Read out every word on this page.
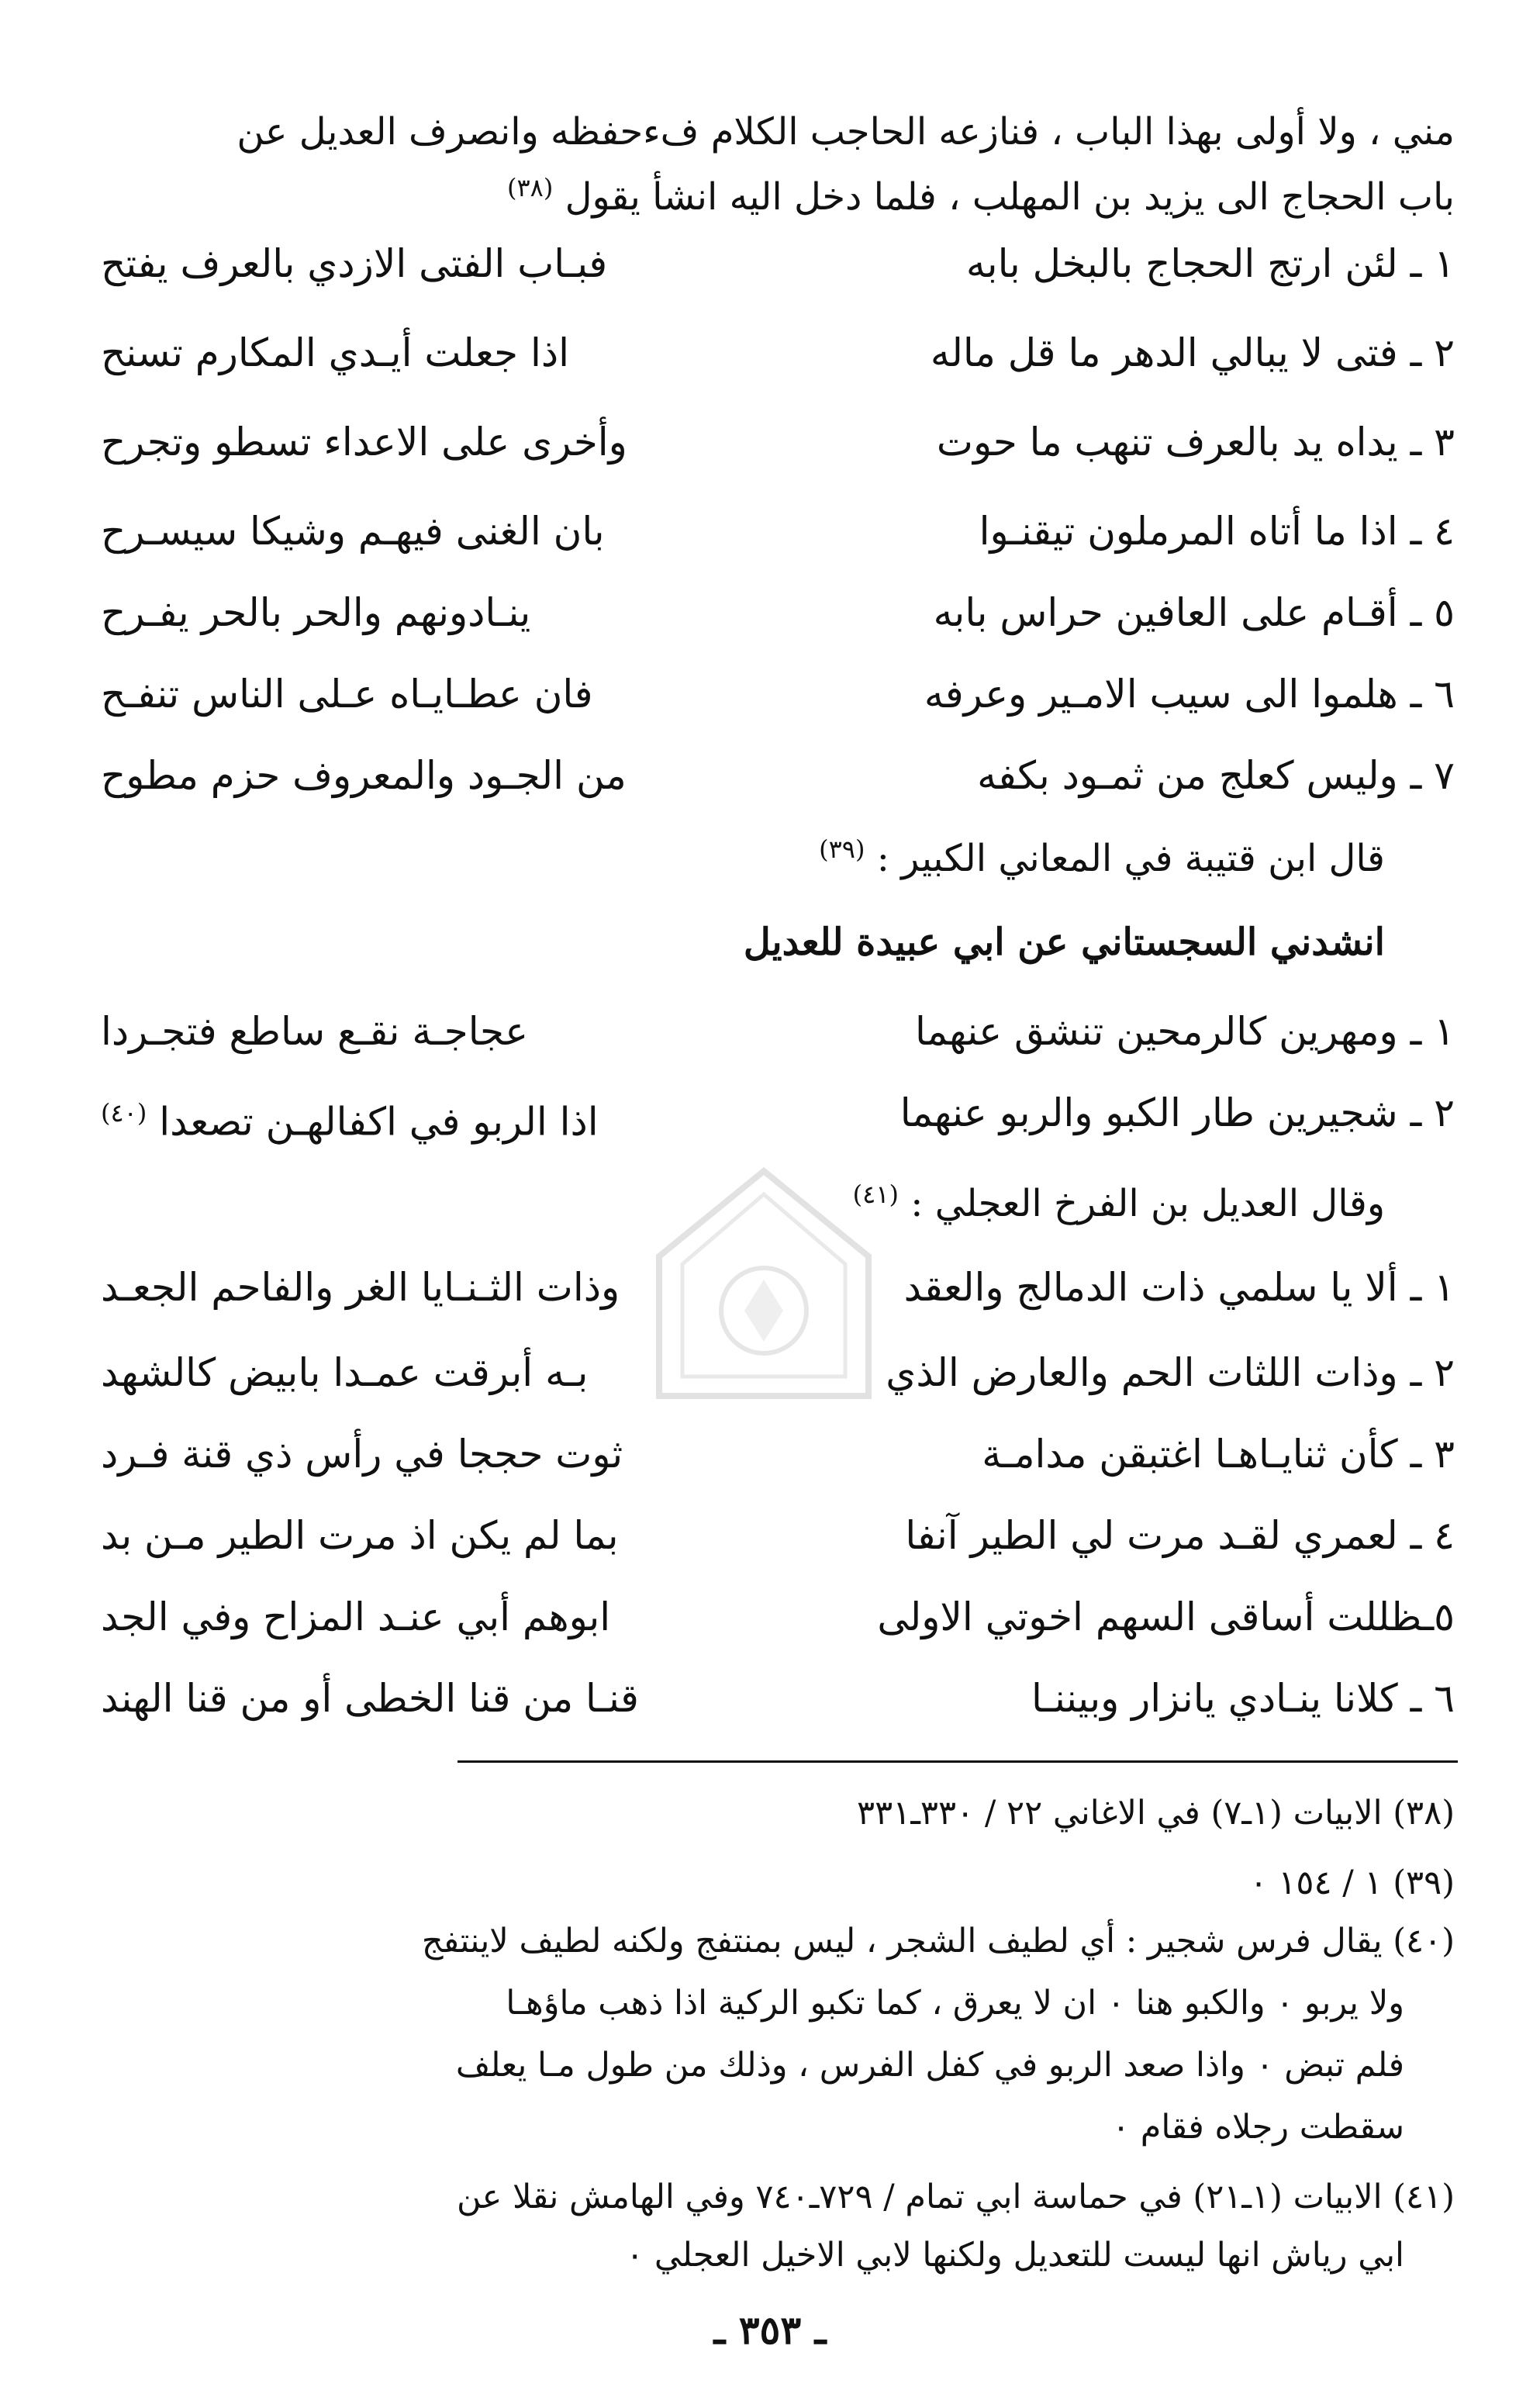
مني ، ولا أولى بهذا الباب ، فنازعه الحاجب الكلام فءحفظه وانصرف العديل عن
باب الحجاج الى يزيد بن المهلب ، فلما دخل اليه انشأ يقول $^{(٣٨)}$
١ ـ لئن ارتج الحجاج بالبخل بابه
فبـاب الفتى الازدي بالعرف يفتح
٢ ـ فتى لا يبالي الدهر ما قل ماله
اذا جعلت أيـدي المكارم تسنح
٣ ـ يداه يد بالعرف تنهب ما حوت
وأخرى على الاعداء تسطو وتجرح
٤ ـ اذا ما أتاه المرملون تيقنـوا
بان الغنى فيهـم وشيكا سيسـرح
٥ ـ أقـام على العافين حراس بابه
ينـادونهم والحر بالحر يفـرح
٦ ـ هلموا الى سيب الامـير وعرفه
فان عطـايـاه عـلى الناس تنفـح
٧ ـ وليس كعلج من ثمـود بكفه
من الجـود والمعروف حزم مطوح
قال ابن قتيبة في المعاني الكبير : $^{(٣٩)}$
انشدني السجستاني عن ابي عبيدة للعديل
١ ـ ومهرين كالرمحين تنشق عنهما
عجاجـة نقـع ساطع فتجـردا
٢ ـ شجيرين طار الكبو والربو عنهما
اذا الربو في اكفالهـن تصعدا $^{(٤٠)}$
وقال العديل بن الفرخ العجلي : $^{(٤١)}$
١ ـ ألا يا سلمي ذات الدمالج والعقد
وذات الثـنـايا الغر والفاحم الجعـد
٢ ـ وذات اللثات الحم والعارض الذي
بـه أبرقت عمـدا بابيض كالشهد
٣ ـ كأن ثنايـاهـا اغتبقن مدامـة
ثوت حججا في رأس ذي قنة فـرد
٤ ـ لعمري لقـد مرت لي الطير آنفا
بما لم يكن اذ مرت الطير مـن بد
٥ـظللت أساقى السهم اخوتي الاولى
ابوهم أبي عنـد المزاح وفي الجد
٦ ـ كلانا ينـادي يانزار وبيننـا
قنـا من قنا الخطى أو من قنا الهند
(٣٨) الابيات (١ـ٧) في الاغاني ٢٢ / ٣٣٠ـ٣٣١
(٣٩) ١ / ١٥٤ ٠
(٤٠) يقال فرس شجير : أي لطيف الشجر ، ليس بمنتفج ولكنه لطيف لاينتفج
ولا يربو ٠ والكبو هنا ٠ ان لا يعرق ، كما تكبو الركية اذا ذهب ماؤهـا
فلم تبض ٠ واذا صعد الربو في كفل الفرس ، وذلك من طول مـا يعلف
سقطت رجلاه فقام ٠
(٤١) الابيات (١ـ٢١) في حماسة ابي تمام / ٧٢٩ـ٧٤٠ وفي الهامش نقلا عن
ابي رياش انها ليست للتعديل ولكنها لابي الاخيل العجلي ٠
ـ ٣٥٣ ـ
